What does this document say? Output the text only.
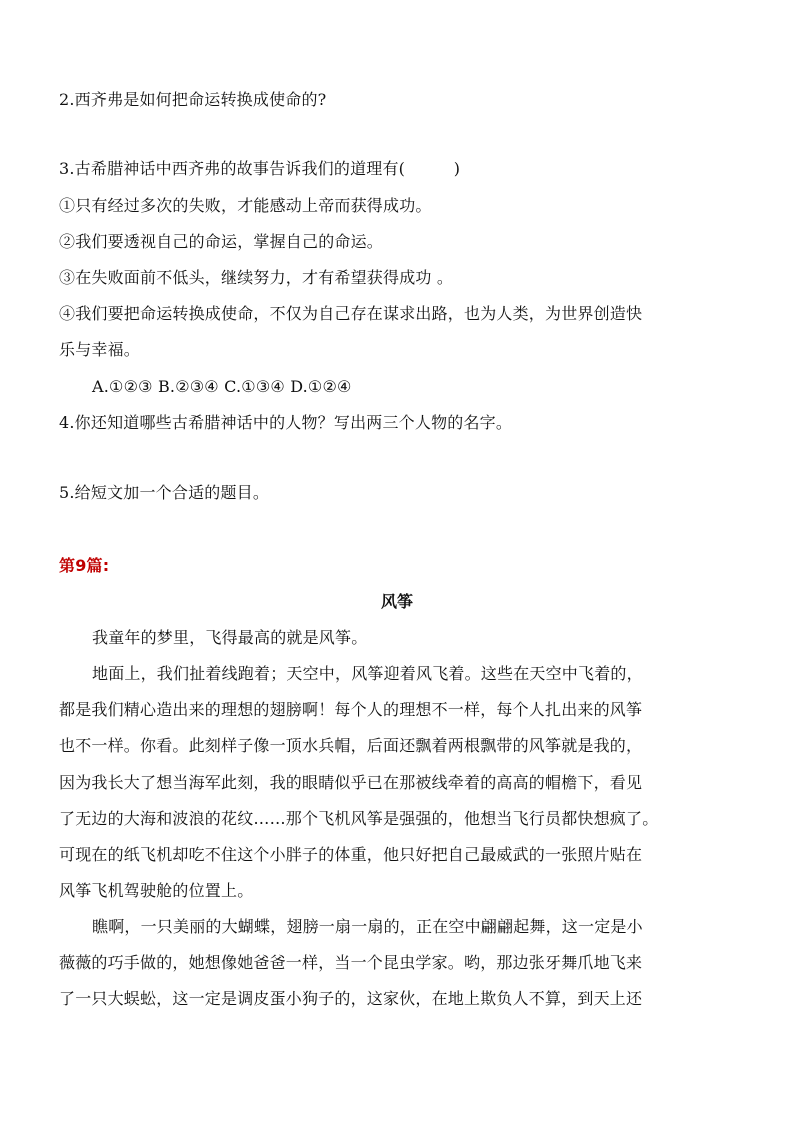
2.西齐弗是如何把命运转换成使命的?
3.古希腊神话中西齐弗的故事告诉我们的道理有(　　　)
①只有经过多次的失败，才能感动上帝而获得成功。
②我们要透视自己的命运，掌握自己的命运。
③在失败面前不低头，继续努力，才有希望获得成功 。
④我们要把命运转换成使命，不仅为自己存在谋求出路，也为人类，为世界创造快
乐与幸福。
A.①②③ B.②③④ C.①③④ D.①②④
4.你还知道哪些古希腊神话中的人物？写出两三个人物的名字。
5.给短文加一个合适的题目。
第9篇:
风筝
我童年的梦里，飞得最高的就是风筝。
地面上，我们扯着线跑着；天空中，风筝迎着风飞着。这些在天空中飞着的，
都是我们精心造出来的理想的翅膀啊！每个人的理想不一样，每个人扎出来的风筝
也不一样。你看。此刻样子像一顶水兵帽，后面还飘着两根飘带的风筝就是我的，
因为我长大了想当海军此刻，我的眼睛似乎已在那被线牵着的高高的帽檐下，看见
了无边的大海和波浪的花纹……那个飞机风筝是强强的，他想当飞行员都快想疯了。
可现在的纸飞机却吃不住这个小胖子的体重，他只好把自己最威武的一张照片贴在
风筝飞机驾驶舱的位置上。
瞧啊，一只美丽的大蝴蝶，翅膀一扇一扇的，正在空中翩翩起舞，这一定是小
薇薇的巧手做的，她想像她爸爸一样，当一个昆虫学家。哟，那边张牙舞爪地飞来
了一只大蜈蚣，这一定是调皮蛋小狗子的，这家伙，在地上欺负人不算，到天上还
